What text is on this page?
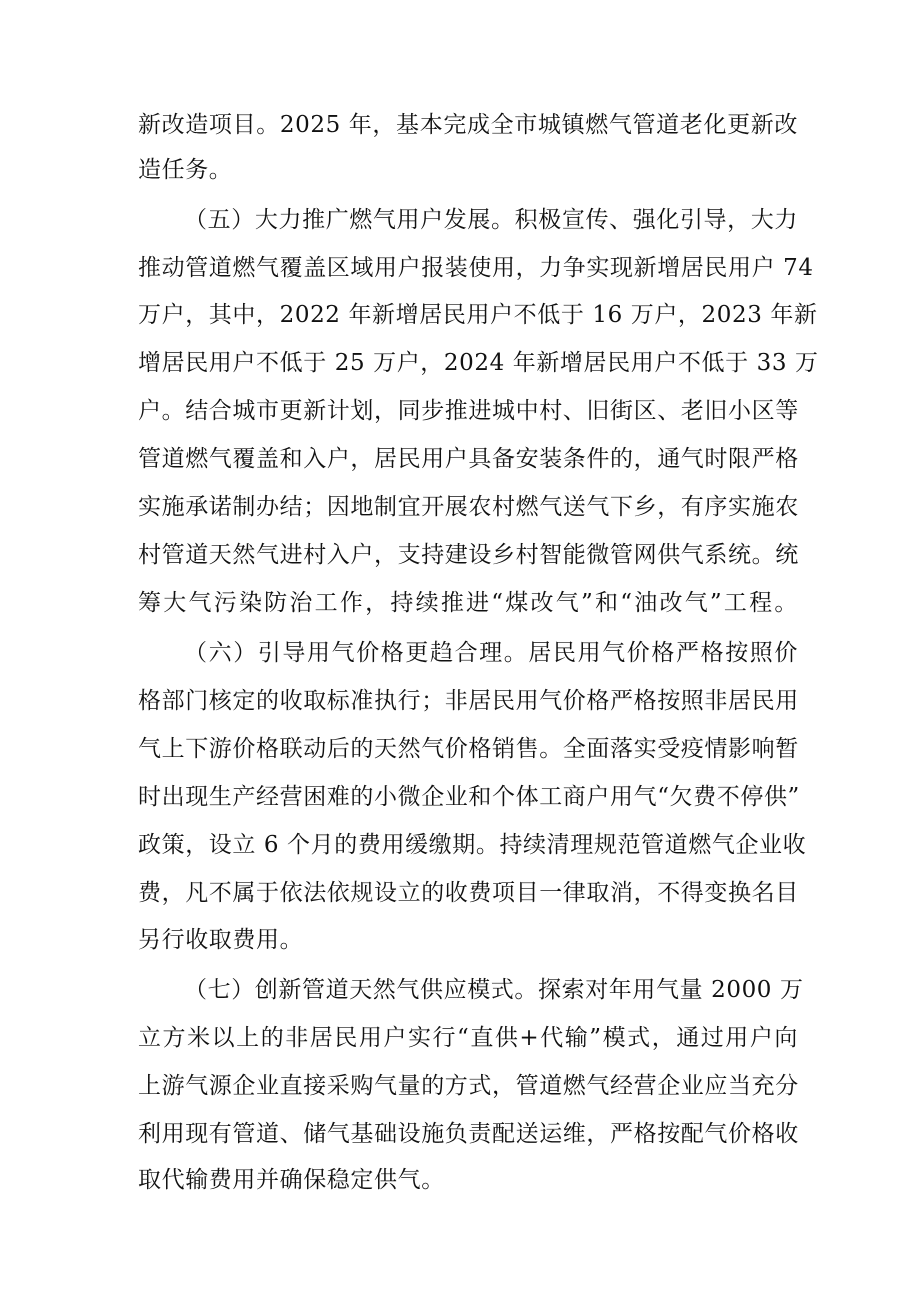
新改造项目。2025 年，基本完成全市城镇燃气管道老化更新改
造任务。
（五）大力推广燃气用户发展。积极宣传、强化引导，大力
推动管道燃气覆盖区域用户报装使用，力争实现新增居民用户 74
万户，其中，2022 年新增居民用户不低于 16 万户，2023 年新
增居民用户不低于 25 万户，2024 年新增居民用户不低于 33 万
户。结合城市更新计划，同步推进城中村、旧街区、老旧小区等
管道燃气覆盖和入户，居民用户具备安装条件的，通气时限严格
实施承诺制办结；因地制宜开展农村燃气送气下乡，有序实施农
村管道天然气进村入户，支持建设乡村智能微管网供气系统。统
筹大气污染防治工作，持续推进“煤改气”和“油改气”工程。
（六）引导用气价格更趋合理。居民用气价格严格按照价
格部门核定的收取标准执行；非居民用气价格严格按照非居民用
气上下游价格联动后的天然气价格销售。全面落实受疫情影响暂
时出现生产经营困难的小微企业和个体工商户用气“欠费不停供”
政策，设立 6 个月的费用缓缴期。持续清理规范管道燃气企业收
费，凡不属于依法依规设立的收费项目一律取消，不得变换名目
另行收取费用。
（七）创新管道天然气供应模式。探索对年用气量 2000 万
立方米以上的非居民用户实行“直供+代输”模式，通过用户向
上游气源企业直接采购气量的方式，管道燃气经营企业应当充分
利用现有管道、储气基础设施负责配送运维，严格按配气价格收
取代输费用并确保稳定供气。
